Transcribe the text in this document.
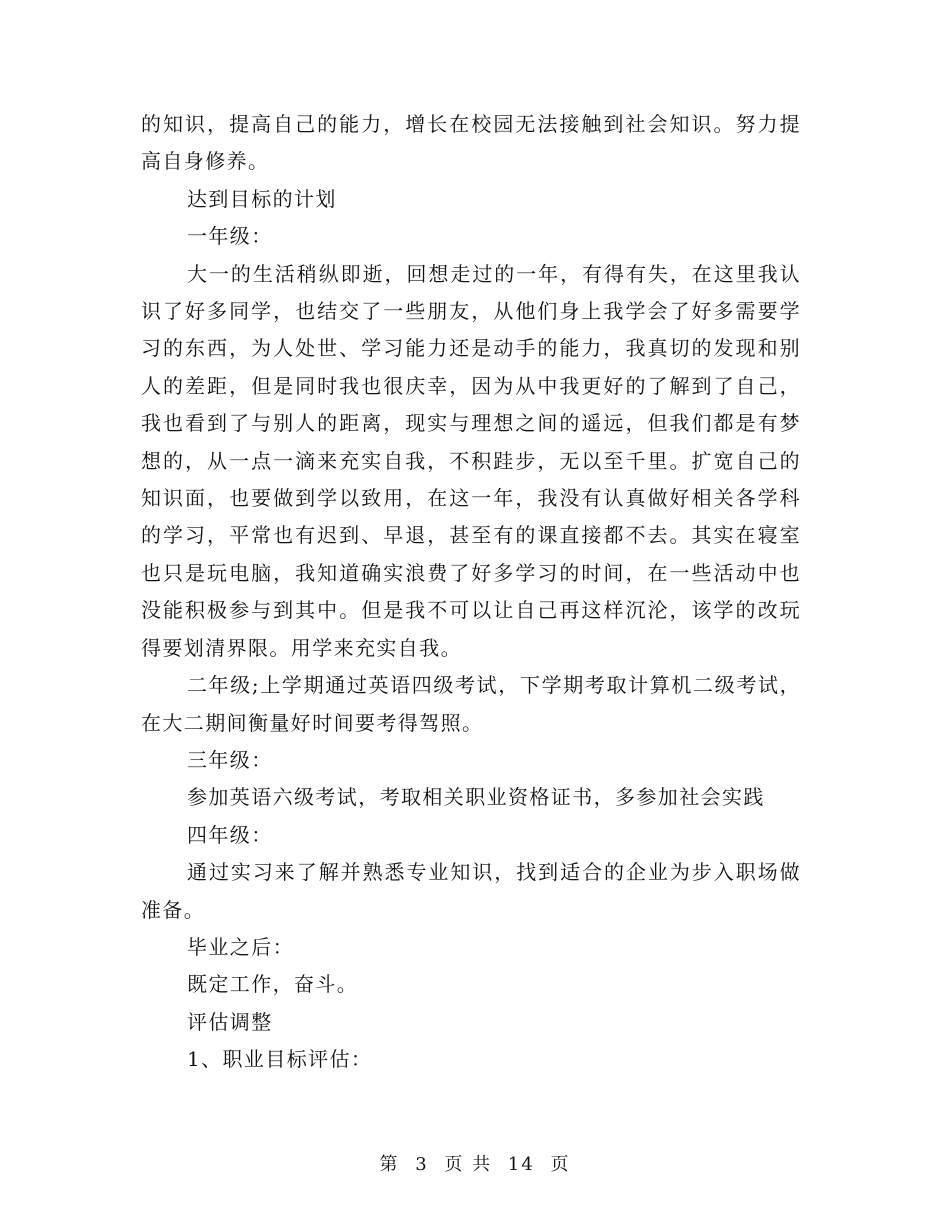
的知识，提高自己的能力，增长在校园无法接触到社会知识。努力提高自身修养。

达到目标的计划

一年级：

大一的生活稍纵即逝，回想走过的一年，有得有失，在这里我认识了好多同学，也结交了一些朋友，从他们身上我学会了好多需要学习的东西，为人处世、学习能力还是动手的能力，我真切的发现和别人的差距，但是同时我也很庆幸，因为从中我更好的了解到了自己，我也看到了与别人的距离，现实与理想之间的遥远，但我们都是有梦想的，从一点一滴来充实自我，不积跬步，无以至千里。扩宽自己的知识面，也要做到学以致用，在这一年，我没有认真做好相关各学科的学习，平常也有迟到、早退，甚至有的课直接都不去。其实在寝室也只是玩电脑，我知道确实浪费了好多学习的时间，在一些活动中也没能积极参与到其中。但是我不可以让自己再这样沉沦，该学的改玩得要划清界限。用学来充实自我。

二年级;上学期通过英语四级考试，下学期考取计算机二级考试，在大二期间衡量好时间要考得驾照。

三年级：

参加英语六级考试，考取相关职业资格证书，多参加社会实践

四年级：

通过实习来了解并熟悉专业知识，找到适合的企业为步入职场做准备。

毕业之后：

既定工作，奋斗。

评估调整

1、职业目标评估：

第 3 页 共 14 页
